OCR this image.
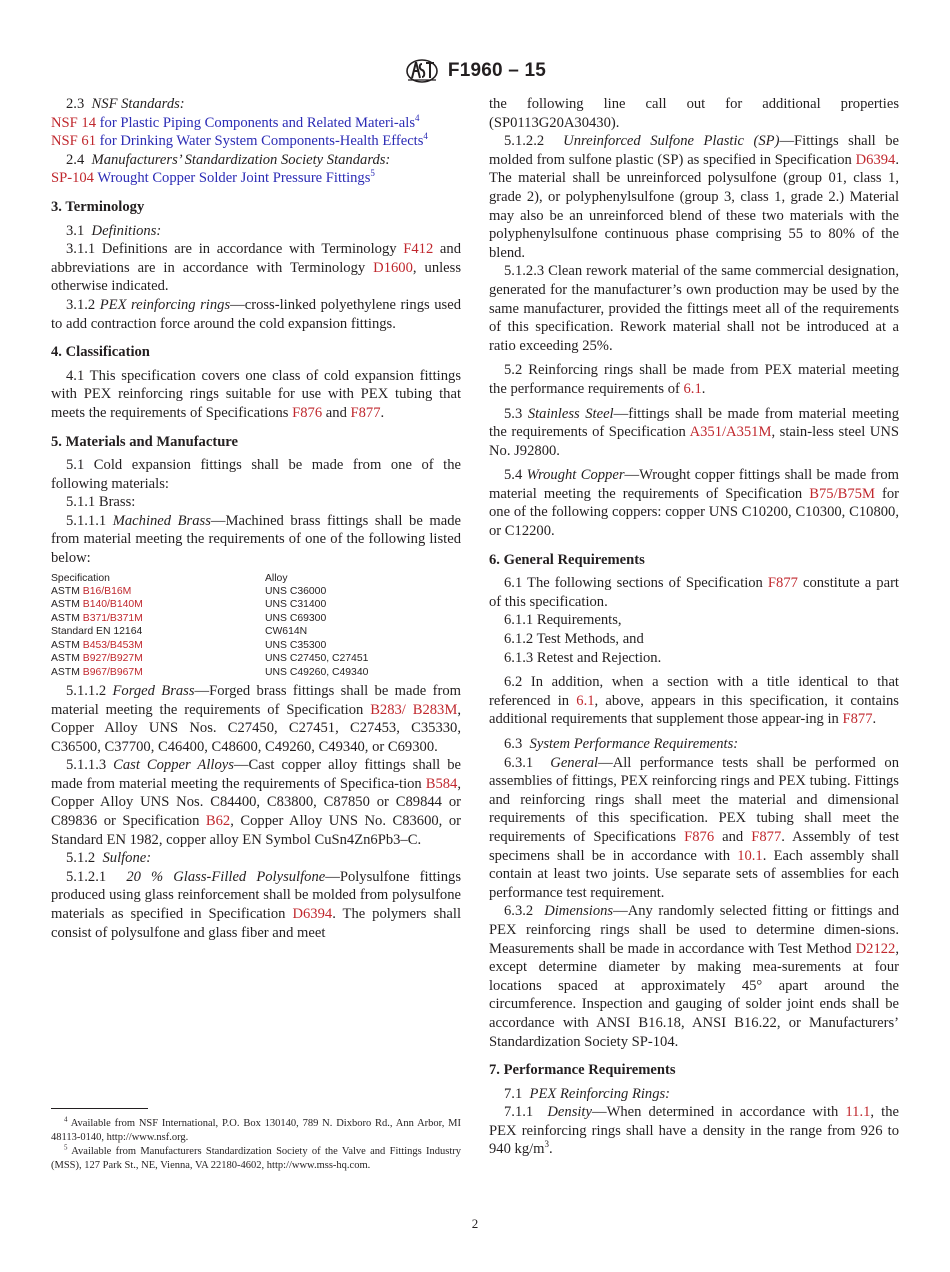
F1960 – 15

2.3 NSF Standards:

NSF 14 for Plastic Piping Components and Related Materi-als$^4$

NSF 61 for Drinking Water System Components-Health Effects$^4$

2.4 Manufacturers’ Standardization Society Standards:

SP-104 Wrought Copper Solder Joint Pressure Fittings$^5$

3. Terminology

3.1 Definitions:

3.1.1 Definitions are in accordance with Terminology F412 and abbreviations are in accordance with Terminology D1600, unless otherwise indicated.

3.1.2 PEX reinforcing rings—cross-linked polyethylene rings used to add contraction force around the cold expansion fittings.

4. Classification

4.1 This specification covers one class of cold expansion fittings with PEX reinforcing rings suitable for use with PEX tubing that meets the requirements of Specifications F876 and F877.

5. Materials and Manufacture

5.1 Cold expansion fittings shall be made from one of the following materials:

5.1.1 Brass:

5.1.1.1 Machined Brass—Machined brass fittings shall be made from material meeting the requirements of one of the following listed below:

Specification	Alloy
ASTM B16/B16M	UNS C36000
ASTM B140/B140M	UNS C31400
ASTM B371/B371M	UNS C69300
Standard EN 12164	CW614N
ASTM B453/B453M	UNS C35300
ASTM B927/B927M	UNS C27450, C27451
ASTM B967/B967M	UNS C49260, C49340

5.1.1.2 Forged Brass—Forged brass fittings shall be made from material meeting the requirements of Specification B283/ B283M, Copper Alloy UNS Nos. C27450, C27451, C27453, C35330, C36500, C37700, C46400, C48600, C49260, C49340, or C69300.

5.1.1.3 Cast Copper Alloys—Cast copper alloy fittings shall be made from material meeting the requirements of Specifica-tion B584, Copper Alloy UNS Nos. C84400, C83800, C87850 or C89844 or C89836 or Specification B62, Copper Alloy UNS No. C83600, or Standard EN 1982, copper alloy EN Symbol CuSn4Zn6Pb3–C.

5.1.2 Sulfone:

5.1.2.1 20 % Glass-Filled Polysulfone—Polysulfone fittings produced using glass reinforcement shall be molded from polysulfone materials as specified in Specification D6394. The polymers shall consist of polysulfone and glass fiber and meet

$^4$ Available from NSF International, P.O. Box 130140, 789 N. Dixboro Rd., Ann Arbor, MI 48113-0140, http://www.nsf.org.

$^5$ Available from Manufacturers Standardization Society of the Valve and Fittings Industry (MSS), 127 Park St., NE, Vienna, VA 22180-4602, http://www.mss-hq.com.

the following line call out for additional properties (SP0113G20A30430).

5.1.2.2 Unreinforced Sulfone Plastic (SP)—Fittings shall be molded from sulfone plastic (SP) as specified in Specification D6394. The material shall be unreinforced polysulfone (group 01, class 1, grade 2), or polyphenylsulfone (group 3, class 1, grade 2.) Material may also be an unreinforced blend of these two materials with the polyphenylsulfone continuous phase comprising 55 to 80% of the blend.

5.1.2.3 Clean rework material of the same commercial designation, generated for the manufacturer’s own production may be used by the same manufacturer, provided the fittings meet all of the requirements of this specification. Rework material shall not be introduced at a ratio exceeding 25%.

5.2 Reinforcing rings shall be made from PEX material meeting the performance requirements of 6.1.

5.3 Stainless Steel—fittings shall be made from material meeting the requirements of Specification A351/A351M, stain-less steel UNS No. J92800.

5.4 Wrought Copper—Wrought copper fittings shall be made from material meeting the requirements of Specification B75/B75M for one of the following coppers: copper UNS C10200, C10300, C10800, or C12200.

6. General Requirements

6.1 The following sections of Specification F877 constitute a part of this specification.

6.1.1 Requirements,

6.1.2 Test Methods, and

6.1.3 Retest and Rejection.

6.2 In addition, when a section with a title identical to that referenced in 6.1, above, appears in this specification, it contains additional requirements that supplement those appear-ing in F877.

6.3 System Performance Requirements:

6.3.1 General—All performance tests shall be performed on assemblies of fittings, PEX reinforcing rings and PEX tubing. Fittings and reinforcing rings shall meet the material and dimensional requirements of this specification. PEX tubing shall meet the requirements of Specifications F876 and F877. Assembly of test specimens shall be in accordance with 10.1. Each assembly shall contain at least two joints. Use separate sets of assemblies for each performance test requirement.

6.3.2 Dimensions—Any randomly selected fitting or fittings and PEX reinforcing rings shall be used to determine dimen-sions. Measurements shall be made in accordance with Test Method D2122, except determine diameter by making mea-surements at four locations spaced at approximately 45° apart around the circumference. Inspection and gauging of solder joint ends shall be accordance with ANSI B16.18, ANSI B16.22, or Manufacturers’ Standardization Society SP-104.

7. Performance Requirements

7.1 PEX Reinforcing Rings:

7.1.1 Density—When determined in accordance with 11.1, the PEX reinforcing rings shall have a density in the range from 926 to 940 $kg/m^3$.

2
